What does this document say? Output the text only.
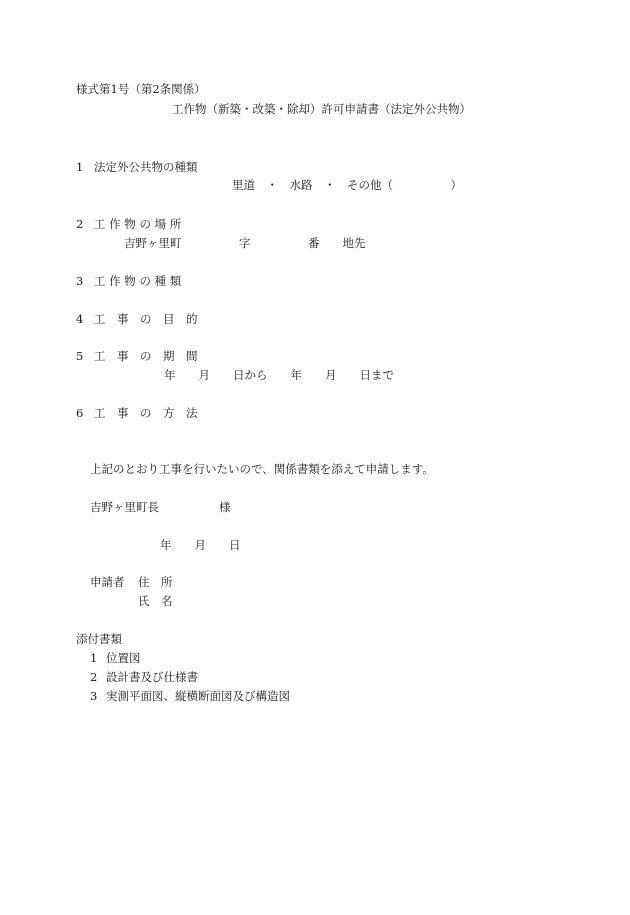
様式第1号（第2条関係）
工作物（新築・改築・除却）許可申請書（法定外公共物）
1 法定外公共物の種類
里道　・　水路　・　その他（　　　　　）
2 工 作 物 の 場 所
吉野ヶ里町　　　　　字　　　　　番　　地先
3 工 作 物 の 種 類
4 工　事　の　目　的
5 工　事　の　期　間
年　　月　　日から　　年　　月　　日まで
6 工　事　の　方　法
上記のとおり工事を行いたいので、関係書類を添えて申請します。
吉野ヶ里町長	様
年　　月　　日
申請者 住　所
氏　名
添付書類
1 位置図
2 設計書及び仕様書
3 実測平面図、縦横断面図及び構造図
